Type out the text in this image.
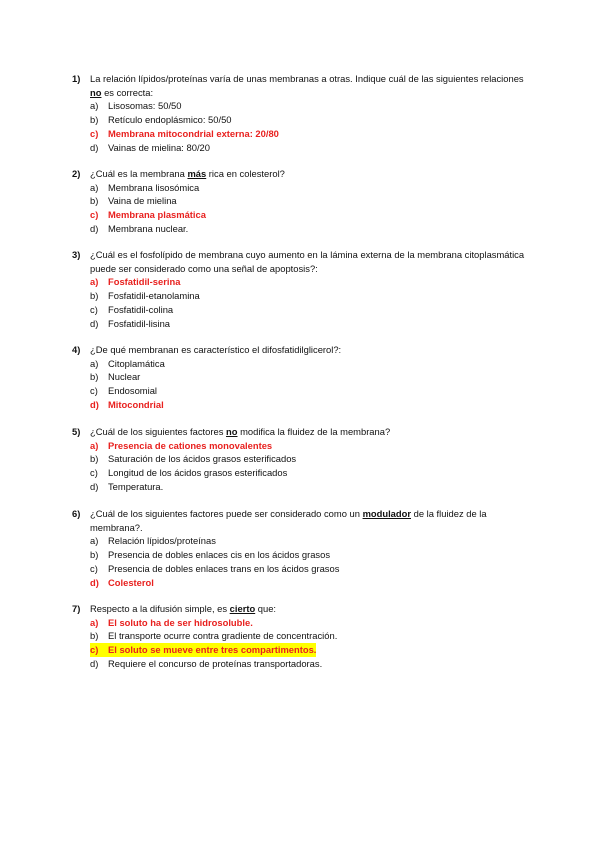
1)	La relación lípidos/proteínas varía de unas membranas a otras. Indique cuál de las siguientes relaciones no es correcta:
a)	Lisosomas: 50/50
b)	Retículo endoplásmico: 50/50
c)	Membrana mitocondrial externa: 20/80
d)	Vainas de mielina: 80/20
2)	¿Cuál es la membrana más rica en colesterol?
a)	Membrana lisosómica
b)	Vaina de mielina
c)	Membrana plasmática
d)	Membrana nuclear.
3)	¿Cuál es el fosfolípido de membrana cuyo aumento en la lámina externa de la membrana citoplasmática puede ser considerado como una señal de apoptosis?:
a)	Fosfatidil-serina
b)	Fosfatidil-etanolamina
c)	Fosfatidil-colina
d)	Fosfatidil-lisina
4)	¿De qué membranan es característico el difosfatidilglicerol?:
a)	Citoplamática
b)	Nuclear
c)	Endosomial
d) Mitocondrial
5)	¿Cuál de los siguientes factores no modifica la fluidez de la membrana?
a)	Presencia de cationes monovalentes
b)	Saturación de los ácidos grasos esterificados
c)	Longitud de los ácidos grasos esterificados
d)	Temperatura.
6)	¿Cuál de los siguientes factores puede ser considerado como un modulador de la fluidez de la membrana?.
a)	Relación lípidos/proteínas
b)	Presencia de dobles enlaces cis en los ácidos grasos
c)	Presencia de dobles enlaces trans en los ácidos grasos
d) Colesterol
7)	Respecto a la difusión simple, es cierto que:
a)	El soluto ha de ser hidrosoluble.
b)	El transporte ocurre contra gradiente de concentración.
c) El soluto se mueve entre tres compartimentos.
d)	Requiere el concurso de proteínas transportadoras.
